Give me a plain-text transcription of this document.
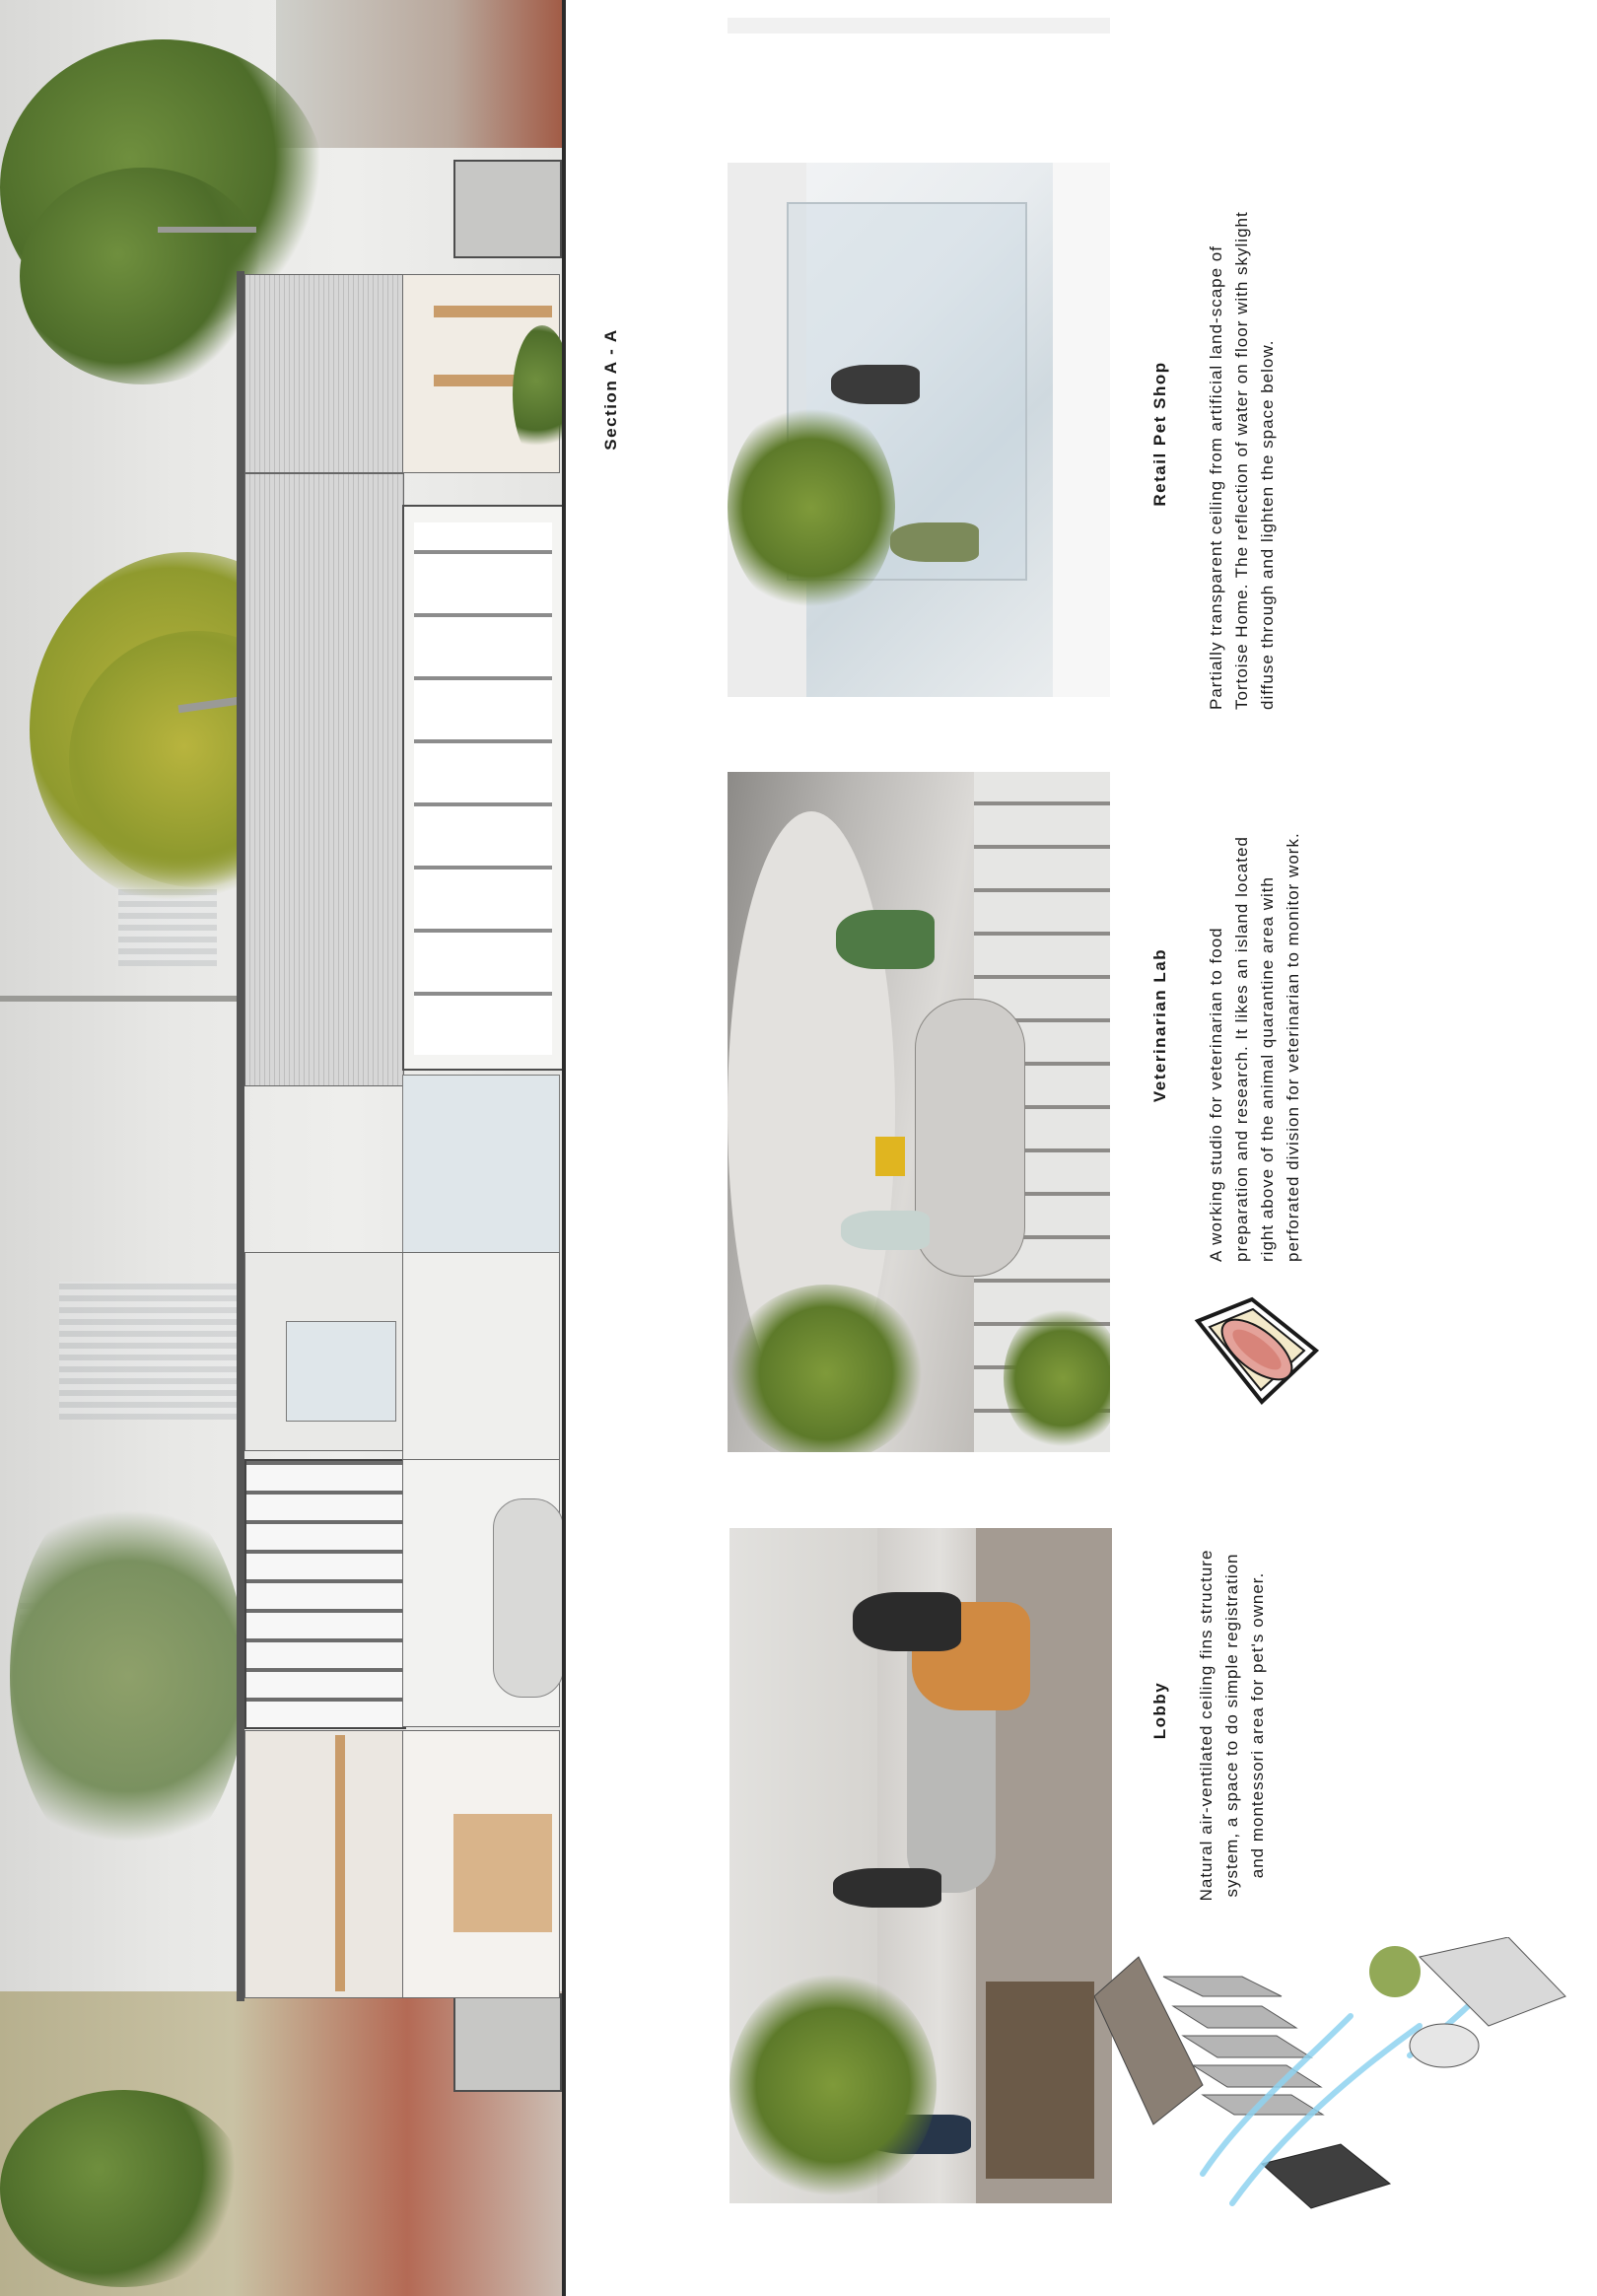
Section A - A	Retail Pet Shop Partially transparent ceiling from artificial land-scape of Tortoise Home. The reflection of water on floor with skylight diffuse through and lighten the space below.
Veterinarian Lab A working studio for veterinarian to food preparation and research. It likes an island located right above of the animal quarantine area with perforated division for veterinarian to monitor work.
Lobby Natural air-ventilated ceiling fins structure system, a space to do simple registration and montessori area for pet's owner.
